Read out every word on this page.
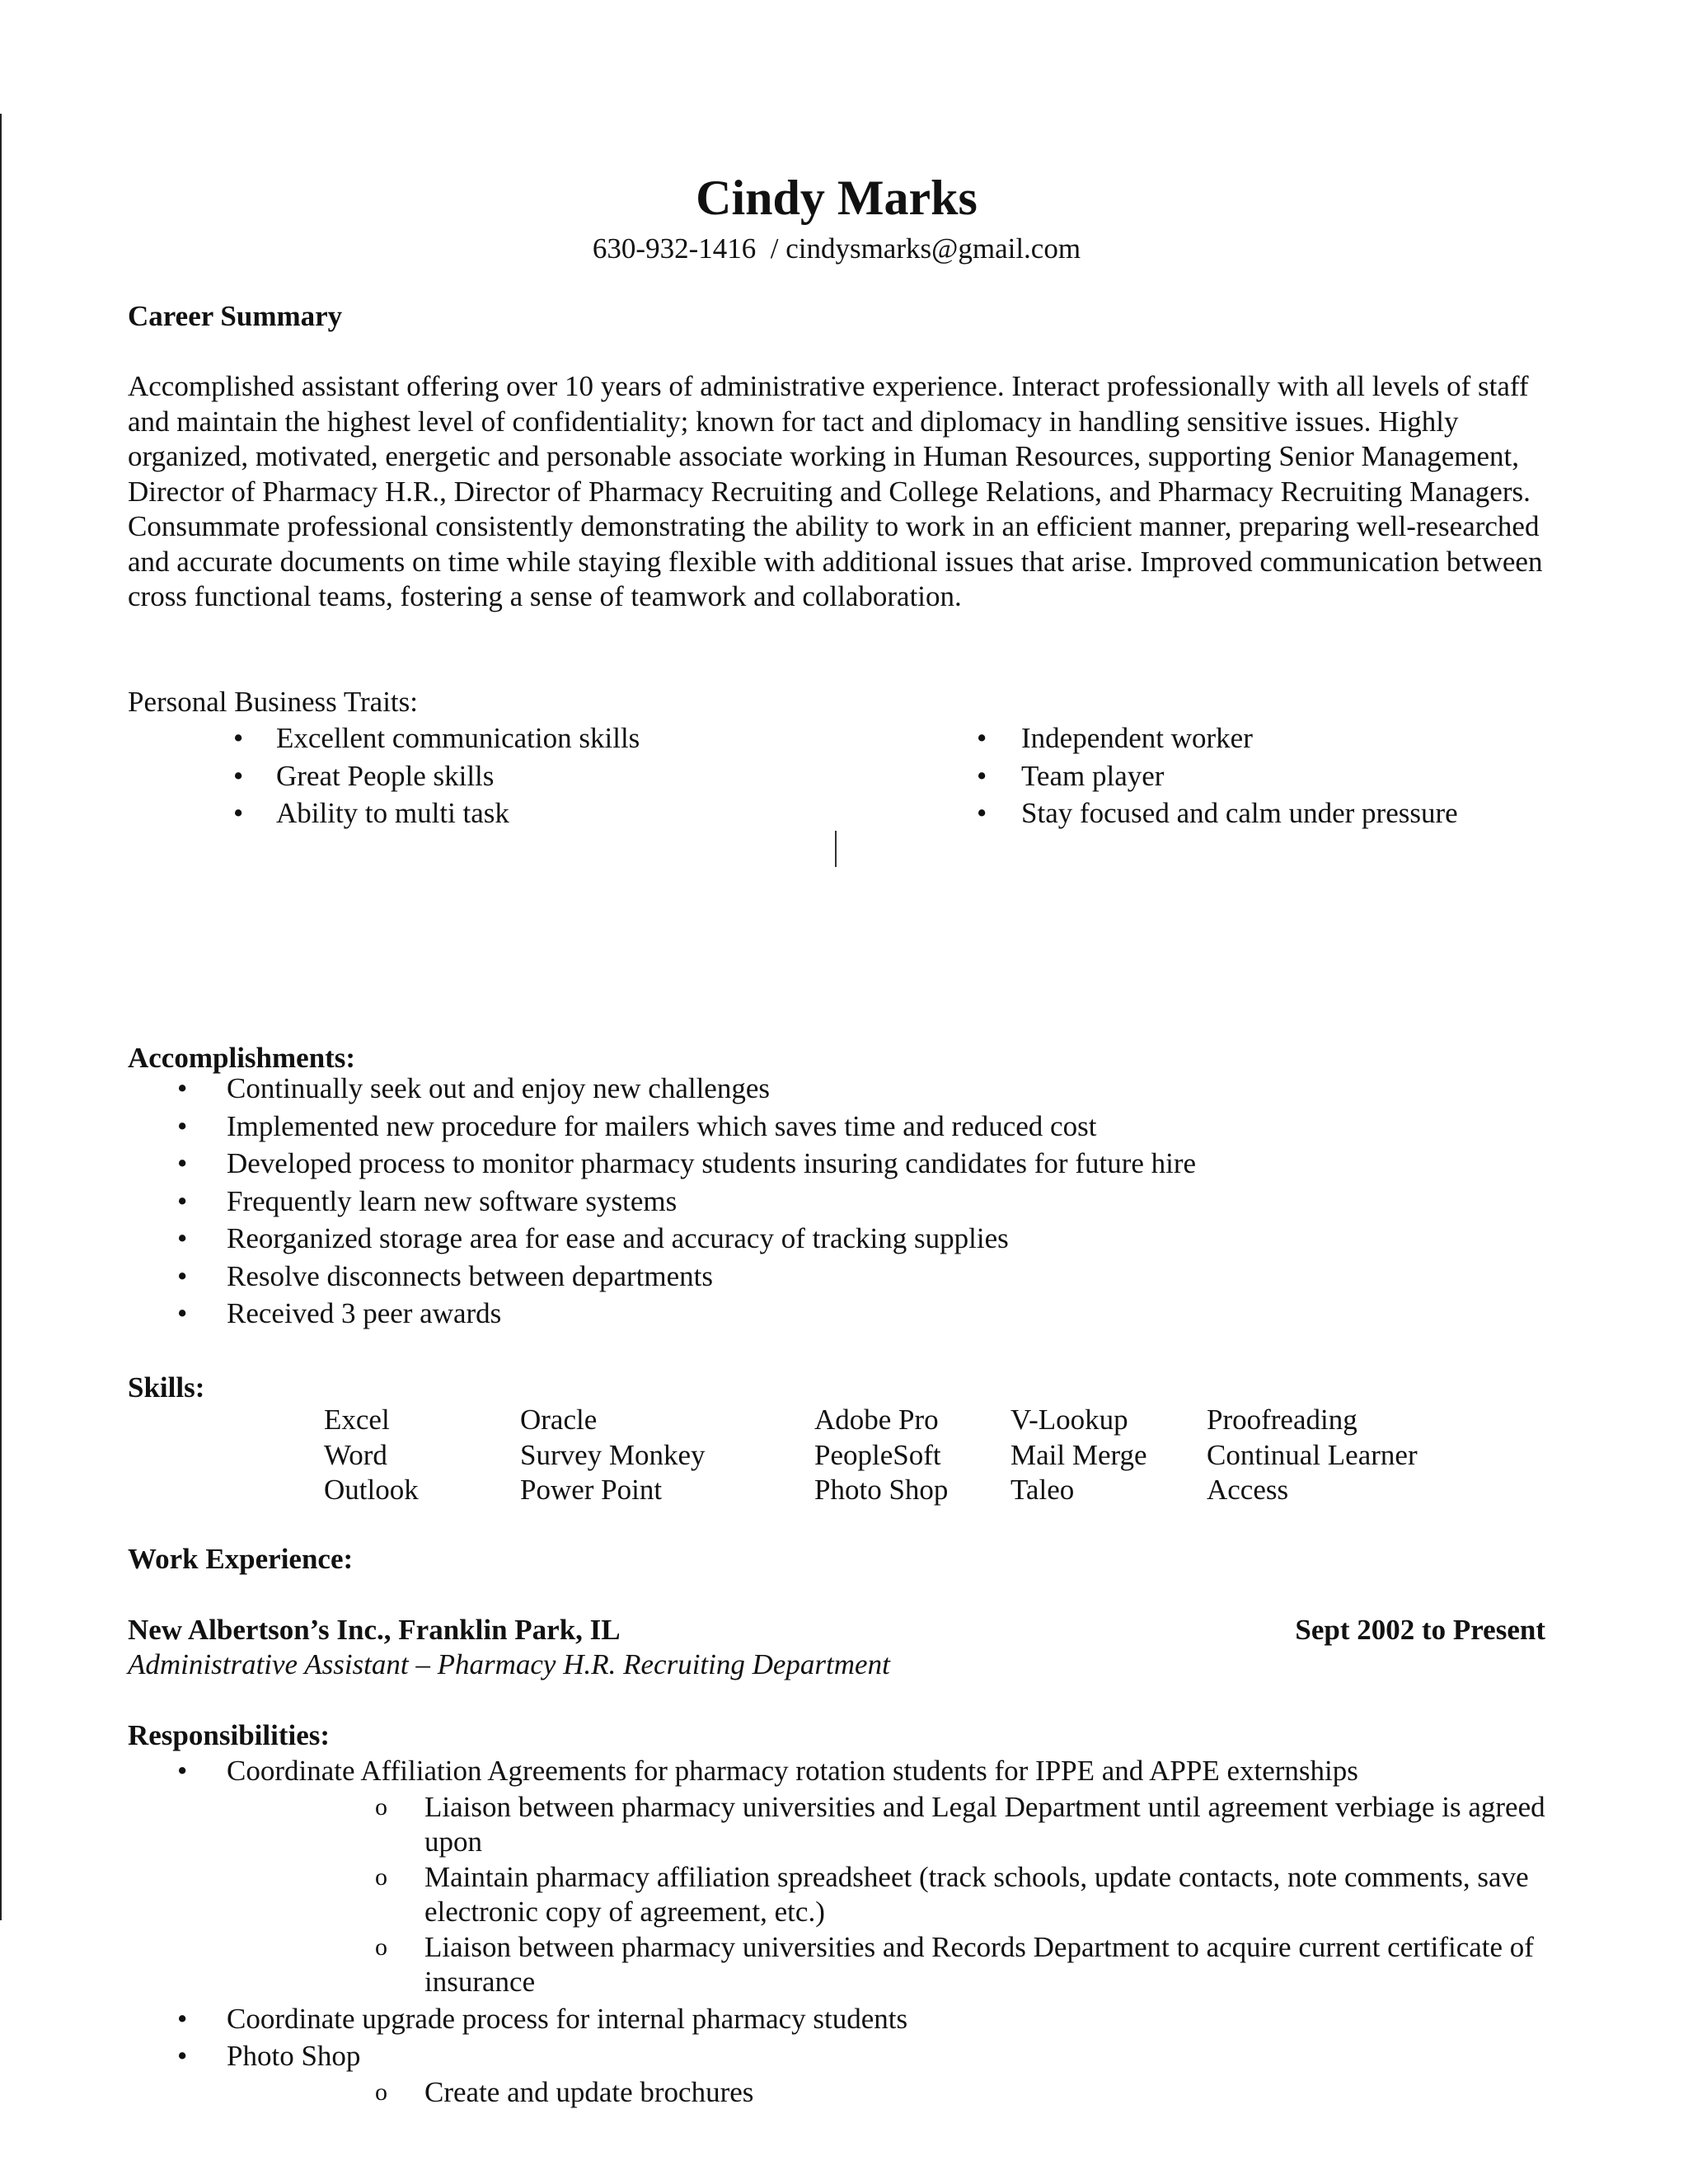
Cindy Marks

630-932-1416  / cindysmarks@gmail.com

Career Summary

Accomplished assistant offering over 10 years of administrative experience. Interact professionally with all levels of staff and maintain the highest level of confidentiality; known for tact and diplomacy in handling sensitive issues. Highly organized, motivated, energetic and personable associate working in Human Resources, supporting Senior Management, Director of Pharmacy H.R., Director of Pharmacy Recruiting and College Relations, and Pharmacy Recruiting Managers. Consummate professional consistently demonstrating the ability to work in an efficient manner, preparing well-researched and accurate documents on time while staying flexible with additional issues that arise. Improved communication between cross functional teams, fostering a sense of teamwork and collaboration.

Personal Business Traits:
• Excellent communication skills
• Great People skills
• Ability to multi task
• Independent worker
• Team player
• Stay focused and calm under pressure
Accomplishments:
• Continually seek out and enjoy new challenges
• Implemented new procedure for mailers which saves time and reduced cost
• Developed process to monitor pharmacy students insuring candidates for future hire
• Frequently learn new software systems
• Reorganized storage area for ease and accuracy of tracking supplies
• Resolve disconnects between departments
• Received 3 peer awards
Skills:
Excel	Oracle	Adobe Pro	V-Lookup	Proofreading
Word	Survey Monkey	PeopleSoft	Mail Merge	Continual Learner
Outlook	Power Point	Photo Shop	Taleo	Access
Work Experience:
New Albertson’s Inc., Franklin Park, IL	Sept 2002 to Present
Administrative Assistant – Pharmacy H.R. Recruiting Department
Responsibilities:
• Coordinate Affiliation Agreements for pharmacy rotation students for IPPE and APPE externships
o Liaison between pharmacy universities and Legal Department until agreement verbiage is agreed upon
o Maintain pharmacy affiliation spreadsheet (track schools, update contacts, note comments, save electronic copy of agreement, etc.)
o Liaison between pharmacy universities and Records Department to acquire current certificate of insurance
• Coordinate upgrade process for internal pharmacy students
• Photo Shop
o Create and update brochures
